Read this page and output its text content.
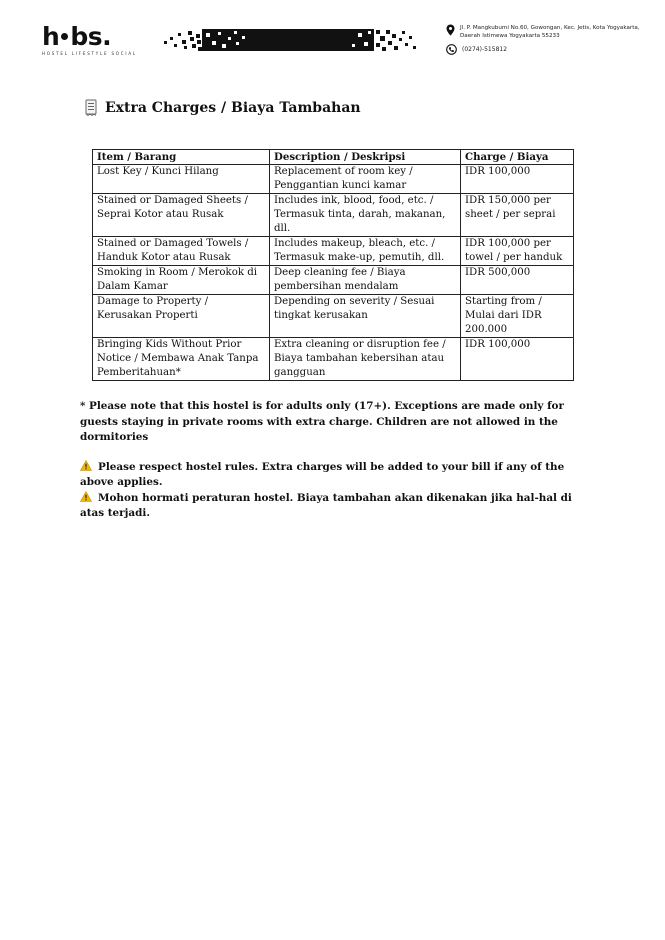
h bs.
HOSTEL LIFESTYLE SOCIAL
Jl. P. Mangkubumi No.60, Gowongan, Kec. Jetis, Kota Yogyakarta, Daerah Istimewa Yogyakarta 55233
(0274)-515812
Extra Charges / Biaya Tambahan
Item / Barang	Description / Deskripsi	Charge / Biaya
Lost Key / Kunci Hilang	Replacement of room key / Penggantian kunci kamar	IDR 100,000
Stained or Damaged Sheets / Seprai Kotor atau Rusak	Includes ink, blood, food, etc. / Termasuk tinta, darah, makanan, dll.	IDR 150,000 per sheet / per seprai
Stained or Damaged Towels / Handuk Kotor atau Rusak	Includes makeup, bleach, etc. / Termasuk make-up, pemutih, dll.	IDR 100,000 per towel / per handuk
Smoking in Room / Merokok di Dalam Kamar	Deep cleaning fee / Biaya pembersihan mendalam	IDR 500,000
Damage to Property / Kerusakan Properti	Depending on severity / Sesuai tingkat kerusakan	Starting from / Mulai dari IDR 200.000
Bringing Kids Without Prior Notice / Membawa Anak Tanpa Pemberitahuan*	Extra cleaning or disruption fee / Biaya tambahan kebersihan atau gangguan	IDR 100,000

* Please note that this hostel is for adults only (17+). Exceptions are made only for guests staying in private rooms with extra charge. Children are not allowed in the dormitories

Please respect hostel rules. Extra charges will be added to your bill if any of the above applies.

Mohon hormati peraturan hostel. Biaya tambahan akan dikenakan jika hal-hal di atas terjadi.
